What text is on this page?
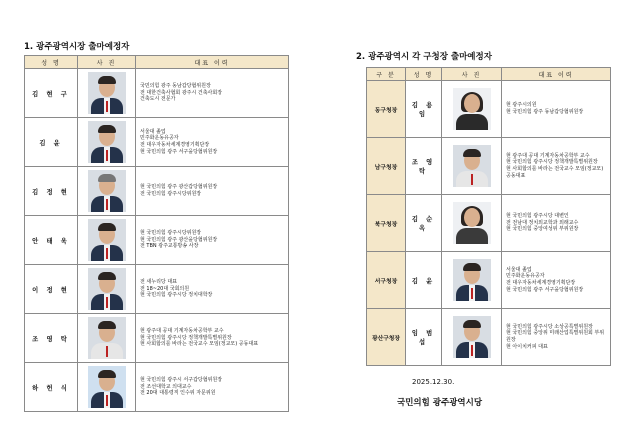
1. 광주광역시장 출마예정자
성 명	사 진	대표 이력
김 현 구		국민의힘 광주 동남갑당협위원장
전 대한건축사협회 광주시 건축사회장
건축도시 전문가

김 윤		서울대 졸업
민주화운동유공자
전 대우자동차세계경영기획단장
현 국민의힘 광주 서구을당협위원장

김 정 현		현 국민의힘 광주 광산갑당협위원장
전 국민의힘 광주시당위원장

안 태 욱		현 국민의힘 광주시당위원장
현 국민의힘 광주 광산을당협위원장
전 TBN 광주교통방송 사장

이 정 현		전 새누리당 대표
전 18~20대 국회의원
현 국민의힘 광주시당 정치대학장

조 영 탁		현 광주대 공대 기계자동차공학부 교수
현 국민의힘 광주시당 정책개발특별위원장
현 사회합의를 바라는 전국교수 모임(정교모) 공동대표

하 헌 식		현 국민의힘 광주시 서구갑당협위원장
전 조선대학교 의대교수
전 20대 대통령직 인수위 자문위원
2. 광주광역시 각 구청장 출마예정자
구 분	성 명	사 진	대표 이력
동구청장	김 용 임		현 광주시의원
현 국민의힘 광주 동남갑당협위원장

남구청장	조 영 탁		현 광주대 공대 기계자동차공학부 교수
현 국민의힘 광주시당 정책개발특별위원장
현 사회합의를 바라는 전국교수 모임(정교모) 공동대표

북구청장	김 순 옥		현 국민의힘 광주시당 대변인
전 전남대 정치외교학과 외래교수
현 국민의힘 중앙여성위 부위원장

서구청장	김 윤		서울대 졸업
민주화운동유공자
전 대우자동차세계경영기획단장
현 국민의힘 광주 서구을당협위원장

광산구청장	임 범 섭		현 국민의힘 광주시당 소상공특별위원장
현 국민의힘 중앙위 미래산업특별위원회 부위원장
현 아이치커피 대표
2025.12.30.
국민의힘 광주광역시당
